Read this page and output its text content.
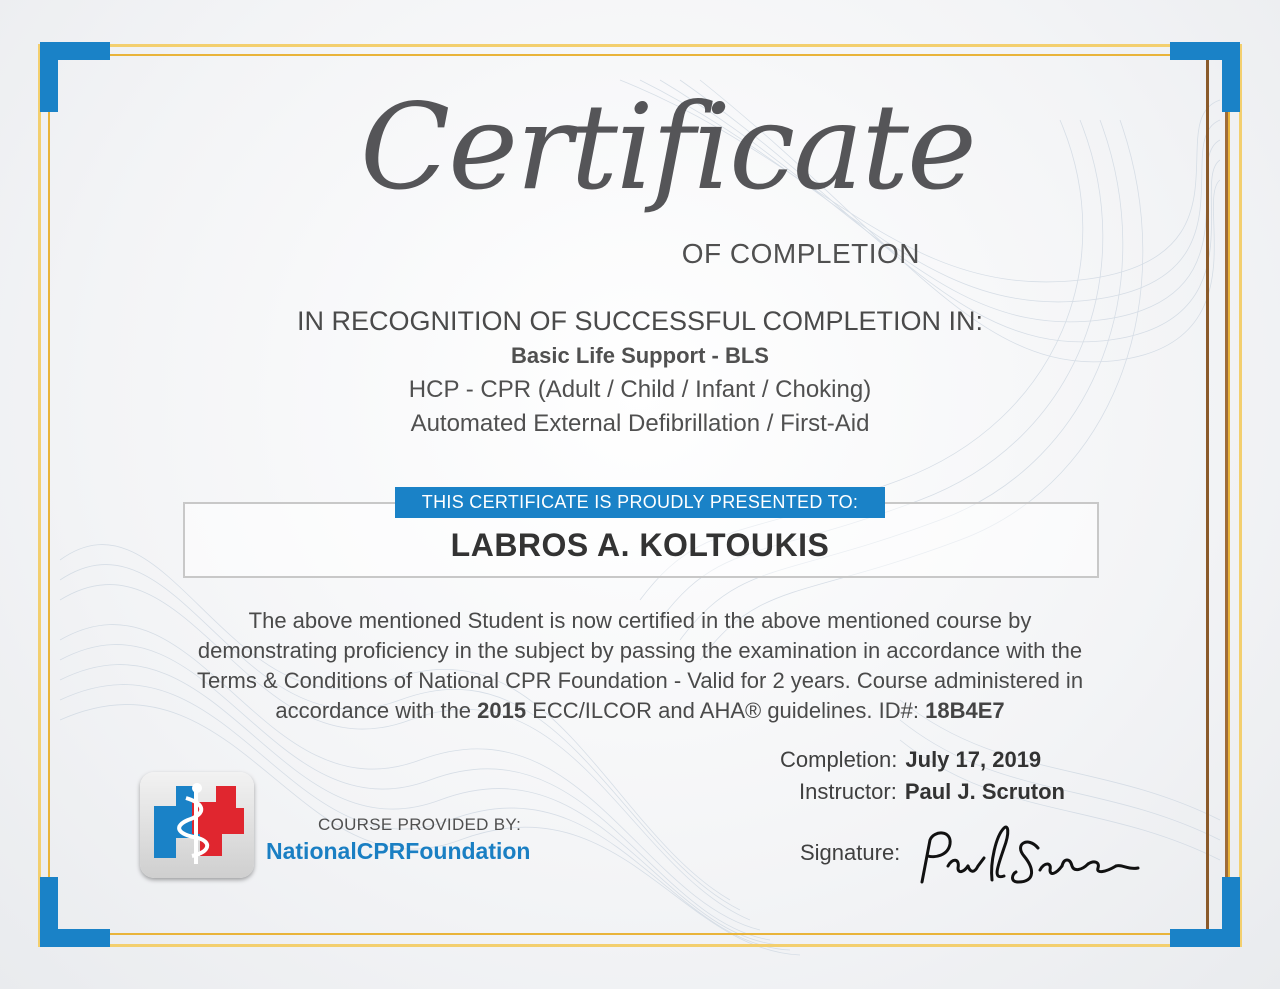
Certificate
OF COMPLETION
IN RECOGNITION OF SUCCESSFUL COMPLETION IN:
Basic Life Support - BLS
HCP - CPR (Adult / Child / Infant / Choking)
Automated External Defibrillation / First-Aid
THIS CERTIFICATE IS PROUDLY PRESENTED TO:
LABROS A. KOLTOUKIS
The above mentioned Student is now certified in the above mentioned course by
demonstrating proficiency in the subject by passing the examination in accordance with the
Terms & Conditions of National CPR Foundation - Valid for 2 years. Course administered in
accordance with the 2015 ECC/ILCOR and AHA® guidelines. ID#: 18B4E7
Completion: July 17, 2019
Instructor: Paul J. Scruton
Signature:
COURSE PROVIDED BY:
NationalCPRFoundation
